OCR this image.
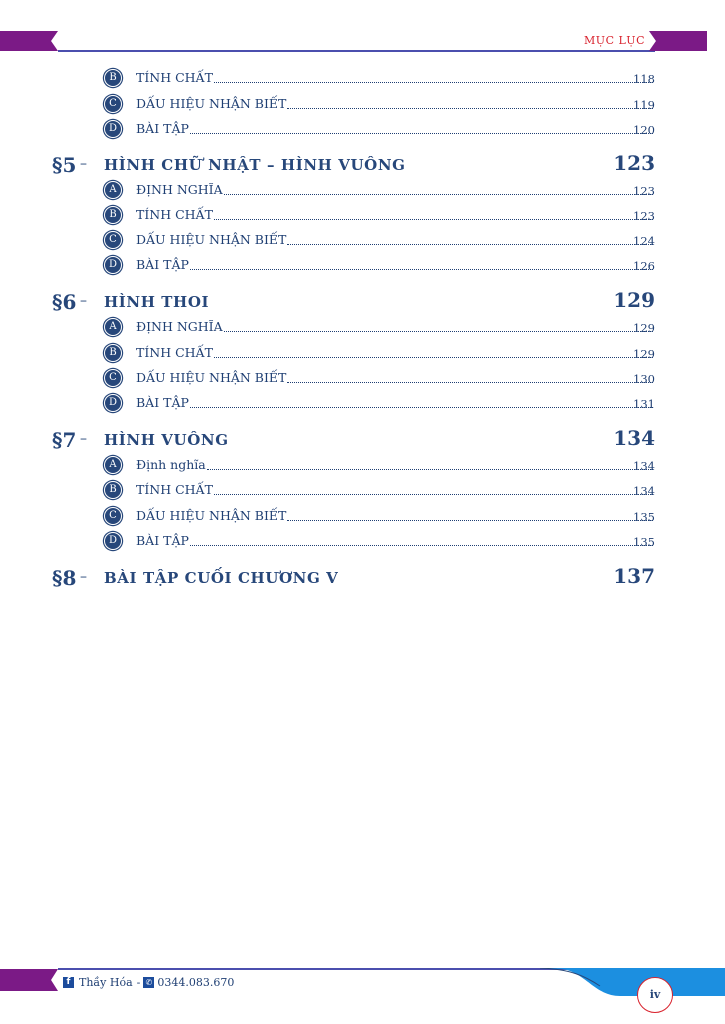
MỤC LỤC
B	TÍNH CHẤT	118
C	DẤU HIỆU NHẬN BIẾT	119
D	BÀI TẬP	120
§5 – HÌNH CHỮ NHẬT – HÌNH VUÔNG	123
A	ĐỊNH NGHĨA	123
B	TÍNH CHẤT	123
C	DẤU HIỆU NHẬN BIẾT	124
D	BÀI TẬP	126
§6 – HÌNH THOI	129
A	ĐỊNH NGHĨA	129
B	TÍNH CHẤT	129
C	DẤU HIỆU NHẬN BIẾT	130
D	BÀI TẬP	131
§7 – HÌNH VUÔNG	134
A	Định nghĩa	134
B	TÍNH CHẤT	134
C	DẤU HIỆU NHẬN BIẾT	135
D	BÀI TẬP	135
§8 – BÀI TẬP CUỐI CHƯƠNG V	137
f Thầy Hóa - ✆ 0344.083.670
iv
